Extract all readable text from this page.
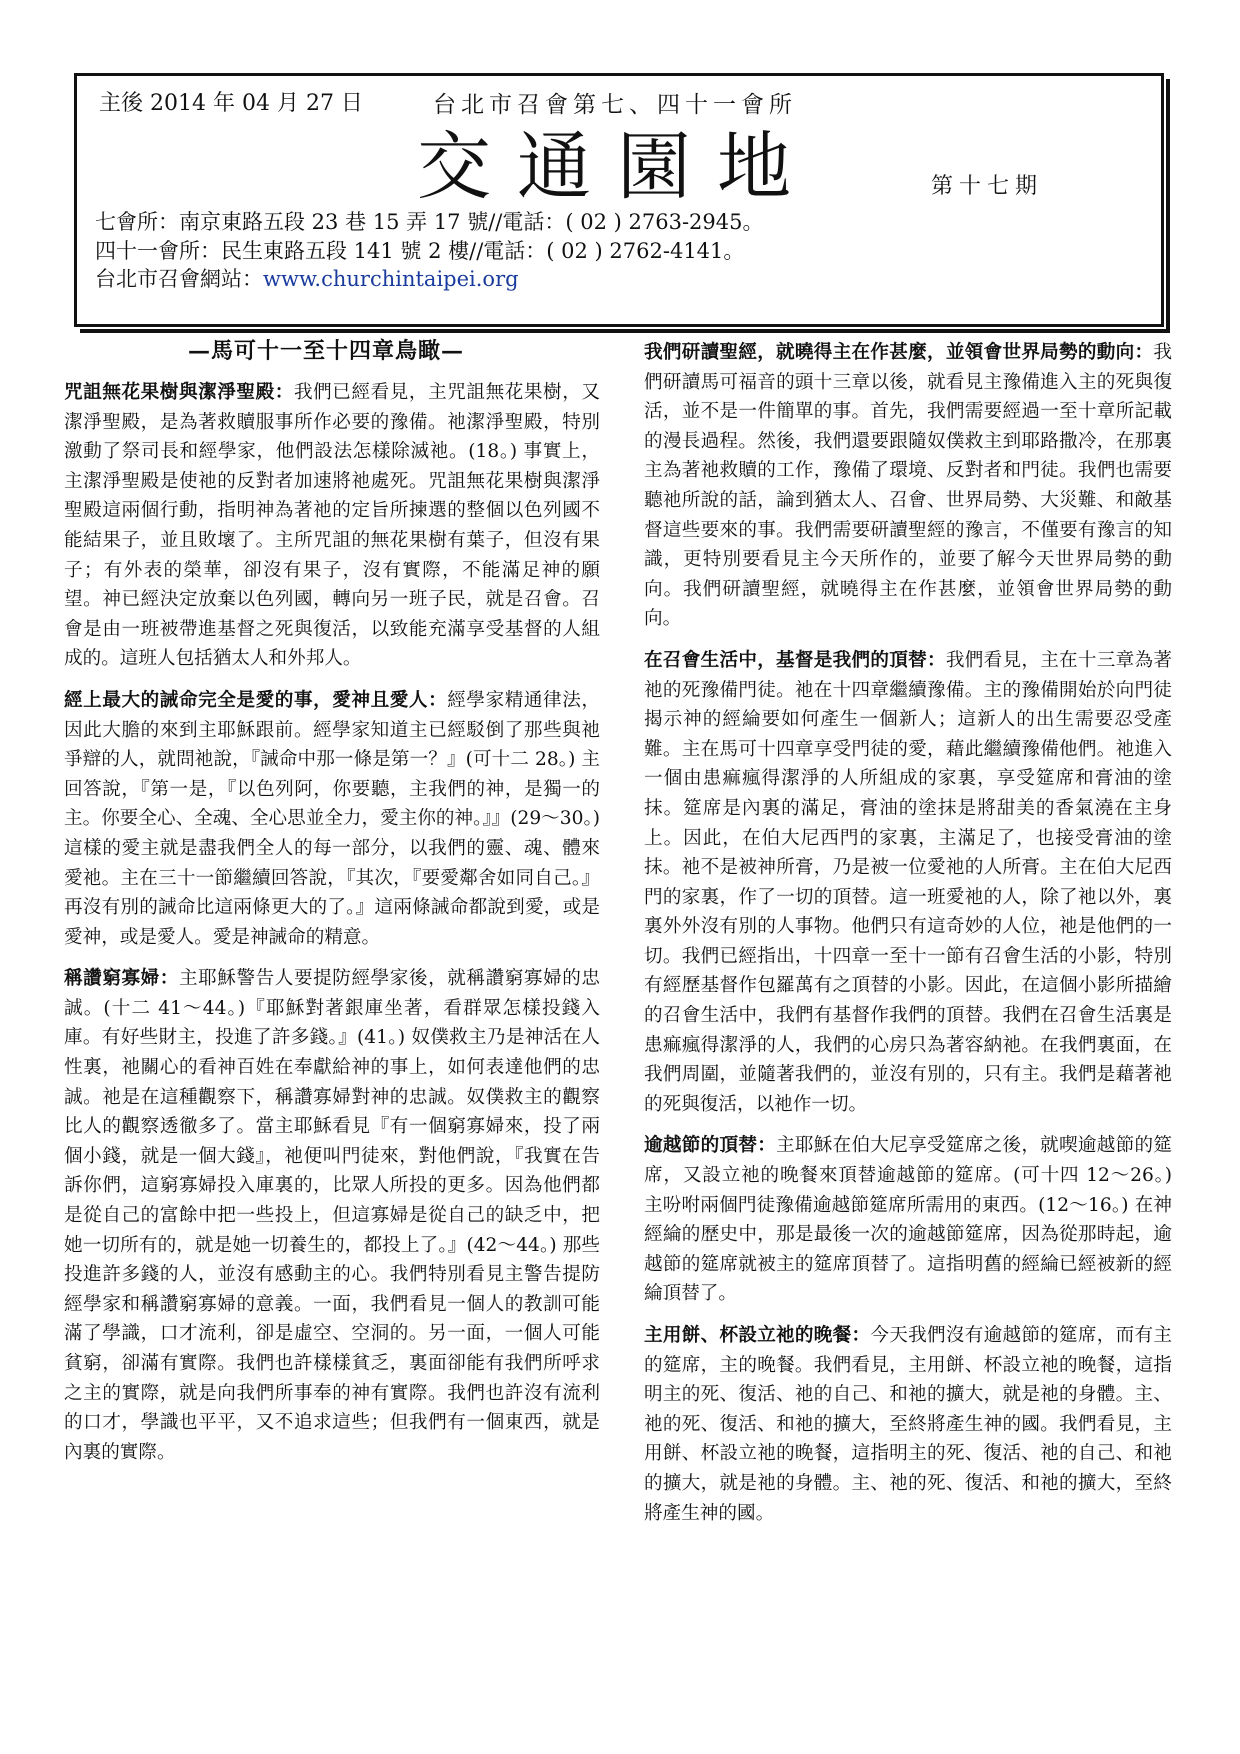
主後 2014 年 04 月 27 日	台北市召會第七、四十一會所
交通園地	第十七期
七會所：南京東路五段 23 巷 15 弄 17 號//電話：( 02 ) 2763-2945。
四十一會所：民生東路五段 141 號 2 樓//電話：( 02 ) 2762-4141。
台北市召會網站：www.churchintaipei.org
—馬可十一至十四章鳥瞰—

咒詛無花果樹與潔淨聖殿：我們已經看見，主咒詛無花果樹，又潔淨聖殿，是為著救贖服事所作必要的豫備。祂潔淨聖殿，特別激動了祭司長和經學家，他們設法怎樣除滅祂。(18。) 事實上，主潔淨聖殿是使祂的反對者加速將祂處死。咒詛無花果樹與潔淨聖殿這兩個行動，指明神為著祂的定旨所揀選的整個以色列國不能結果子，並且敗壞了。主所咒詛的無花果樹有葉子，但沒有果子；有外表的榮華，卻沒有果子，沒有實際，不能滿足神的願望。神已經決定放棄以色列國，轉向另一班子民，就是召會。召會是由一班被帶進基督之死與復活，以致能充滿享受基督的人組成的。這班人包括猶太人和外邦人。

經上最大的誡命完全是愛的事，愛神且愛人：經學家精通律法，因此大膽的來到主耶穌跟前。經學家知道主已經駁倒了那些與祂爭辯的人，就問祂說，『誡命中那一條是第一？』(可十二 28。) 主回答說，『第一是，『以色列阿，你要聽，主我們的神，是獨一的主。你要全心、全魂、全心思並全力，愛主你的神。』』(29～30。) 這樣的愛主就是盡我們全人的每一部分，以我們的靈、魂、體來愛祂。主在三十一節繼續回答說，『其次，『要愛鄰舍如同自己。』再沒有別的誡命比這兩條更大的了。』這兩條誡命都說到愛，或是愛神，或是愛人。愛是神誡命的精意。

稱讚窮寡婦：主耶穌警告人要提防經學家後，就稱讚窮寡婦的忠誠。(十二 41～44。)『耶穌對著銀庫坐著，看群眾怎樣投錢入庫。有好些財主，投進了許多錢。』(41。) 奴僕救主乃是神活在人性裏，祂關心的看神百姓在奉獻給神的事上，如何表達他們的忠誠。祂是在這種觀察下，稱讚寡婦對神的忠誠。奴僕救主的觀察比人的觀察透徹多了。當主耶穌看見『有一個窮寡婦來，投了兩個小錢，就是一個大錢』，祂便叫門徒來，對他們說，『我實在告訴你們，這窮寡婦投入庫裏的，比眾人所投的更多。因為他們都是從自己的富餘中把一些投上，但這寡婦是從自己的缺乏中，把她一切所有的，就是她一切養生的，都投上了。』(42～44。) 那些投進許多錢的人，並沒有感動主的心。我們特別看見主警告提防經學家和稱讚窮寡婦的意義。一面，我們看見一個人的教訓可能滿了學識，口才流利，卻是虛空、空洞的。另一面，一個人可能貧窮，卻滿有實際。我們也許樣樣貧乏，裏面卻能有我們所呼求之主的實際，就是向我們所事奉的神有實際。我們也許沒有流利的口才，學識也平平，又不追求這些；但我們有一個東西，就是內裏的實際。

我們研讀聖經，就曉得主在作甚麼，並領會世界局勢的動向：我們研讀馬可福音的頭十三章以後，就看見主豫備進入主的死與復活，並不是一件簡單的事。首先，我們需要經過一至十章所記載的漫長過程。然後，我們還要跟隨奴僕救主到耶路撒冷，在那裏主為著祂救贖的工作，豫備了環境、反對者和門徒。我們也需要聽祂所說的話，論到猶太人、召會、世界局勢、大災難、和敵基督這些要來的事。我們需要研讀聖經的豫言，不僅要有豫言的知識，更特別要看見主今天所作的，並要了解今天世界局勢的動向。我們研讀聖經，就曉得主在作甚麼，並領會世界局勢的動向。

在召會生活中，基督是我們的頂替：我們看見，主在十三章為著祂的死豫備門徒。祂在十四章繼續豫備。主的豫備開始於向門徒揭示神的經綸要如何產生一個新人；這新人的出生需要忍受產難。主在馬可十四章享受門徒的愛，藉此繼續豫備他們。祂進入一個由患痲瘋得潔淨的人所組成的家裏，享受筵席和膏油的塗抹。筵席是內裏的滿足，膏油的塗抹是將甜美的香氣澆在主身上。因此，在伯大尼西門的家裏，主滿足了，也接受膏油的塗抹。祂不是被神所膏，乃是被一位愛祂的人所膏。主在伯大尼西門的家裏，作了一切的頂替。這一班愛祂的人，除了祂以外，裏裏外外沒有別的人事物。他們只有這奇妙的人位，祂是他們的一切。我們已經指出，十四章一至十一節有召會生活的小影，特別有經歷基督作包羅萬有之頂替的小影。因此，在這個小影所描繪的召會生活中，我們有基督作我們的頂替。我們在召會生活裏是患痲瘋得潔淨的人，我們的心房只為著容納祂。在我們裏面，在我們周圍，並隨著我們的，並沒有別的，只有主。我們是藉著祂的死與復活，以祂作一切。

逾越節的頂替：主耶穌在伯大尼享受筵席之後，就喫逾越節的筵席，又設立祂的晚餐來頂替逾越節的筵席。(可十四 12～26。) 主吩咐兩個門徒豫備逾越節筵席所需用的東西。(12～16。) 在神經綸的歷史中，那是最後一次的逾越節筵席，因為從那時起，逾越節的筵席就被主的筵席頂替了。這指明舊的經綸已經被新的經綸頂替了。

主用餅、杯設立祂的晚餐：今天我們沒有逾越節的筵席，而有主的筵席，主的晚餐。我們看見，主用餅、杯設立祂的晚餐，這指明主的死、復活、祂的自己、和祂的擴大，就是祂的身體。主、祂的死、復活、和祂的擴大，至終將產生神的國。我們看見，主用餅、杯設立祂的晚餐，這指明主的死、復活、祂的自己、和祂的擴大，就是祂的身體。主、祂的死、復活、和祂的擴大，至終將產生神的國。
